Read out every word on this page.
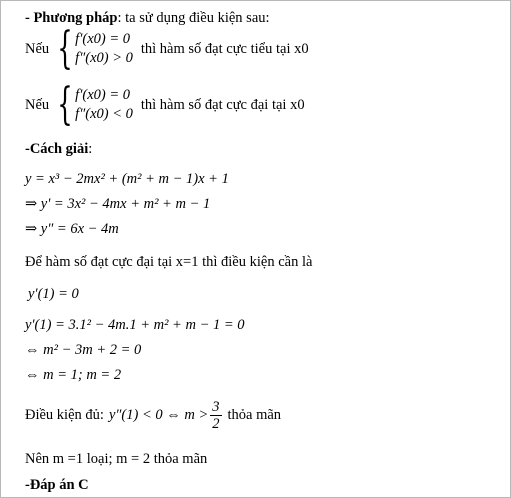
- Phương pháp: ta sử dụng điều kiện sau:
Nếu { f′(x0) = 0
f″(x0) > 0
thì hàm số đạt cực tiểu tại x0
Nếu { f′(x0) = 0
f″(x0) < 0
thì hàm số đạt cực đại tại x0
-Cách giải:
y = x³ − 2mx² + (m² + m − 1)x + 1
⇒ y' = 3x² − 4mx + m² + m − 1
⇒ y" = 6x − 4m
Để hàm số đạt cực đại tại x=1 thì điều kiện cần là
y′(1) = 0
y'(1) = 3.1² − 4m.1 + m² + m − 1 = 0
⇔ m² − 3m + 2 = 0
⇔ m = 1; m = 2
Điều kiện đủ: y″(1) < 0 ⇔ $m > \frac{3}{2}$ thỏa mãn
Nên m =1 loại; m = 2 thỏa mãn
-Đáp án C
